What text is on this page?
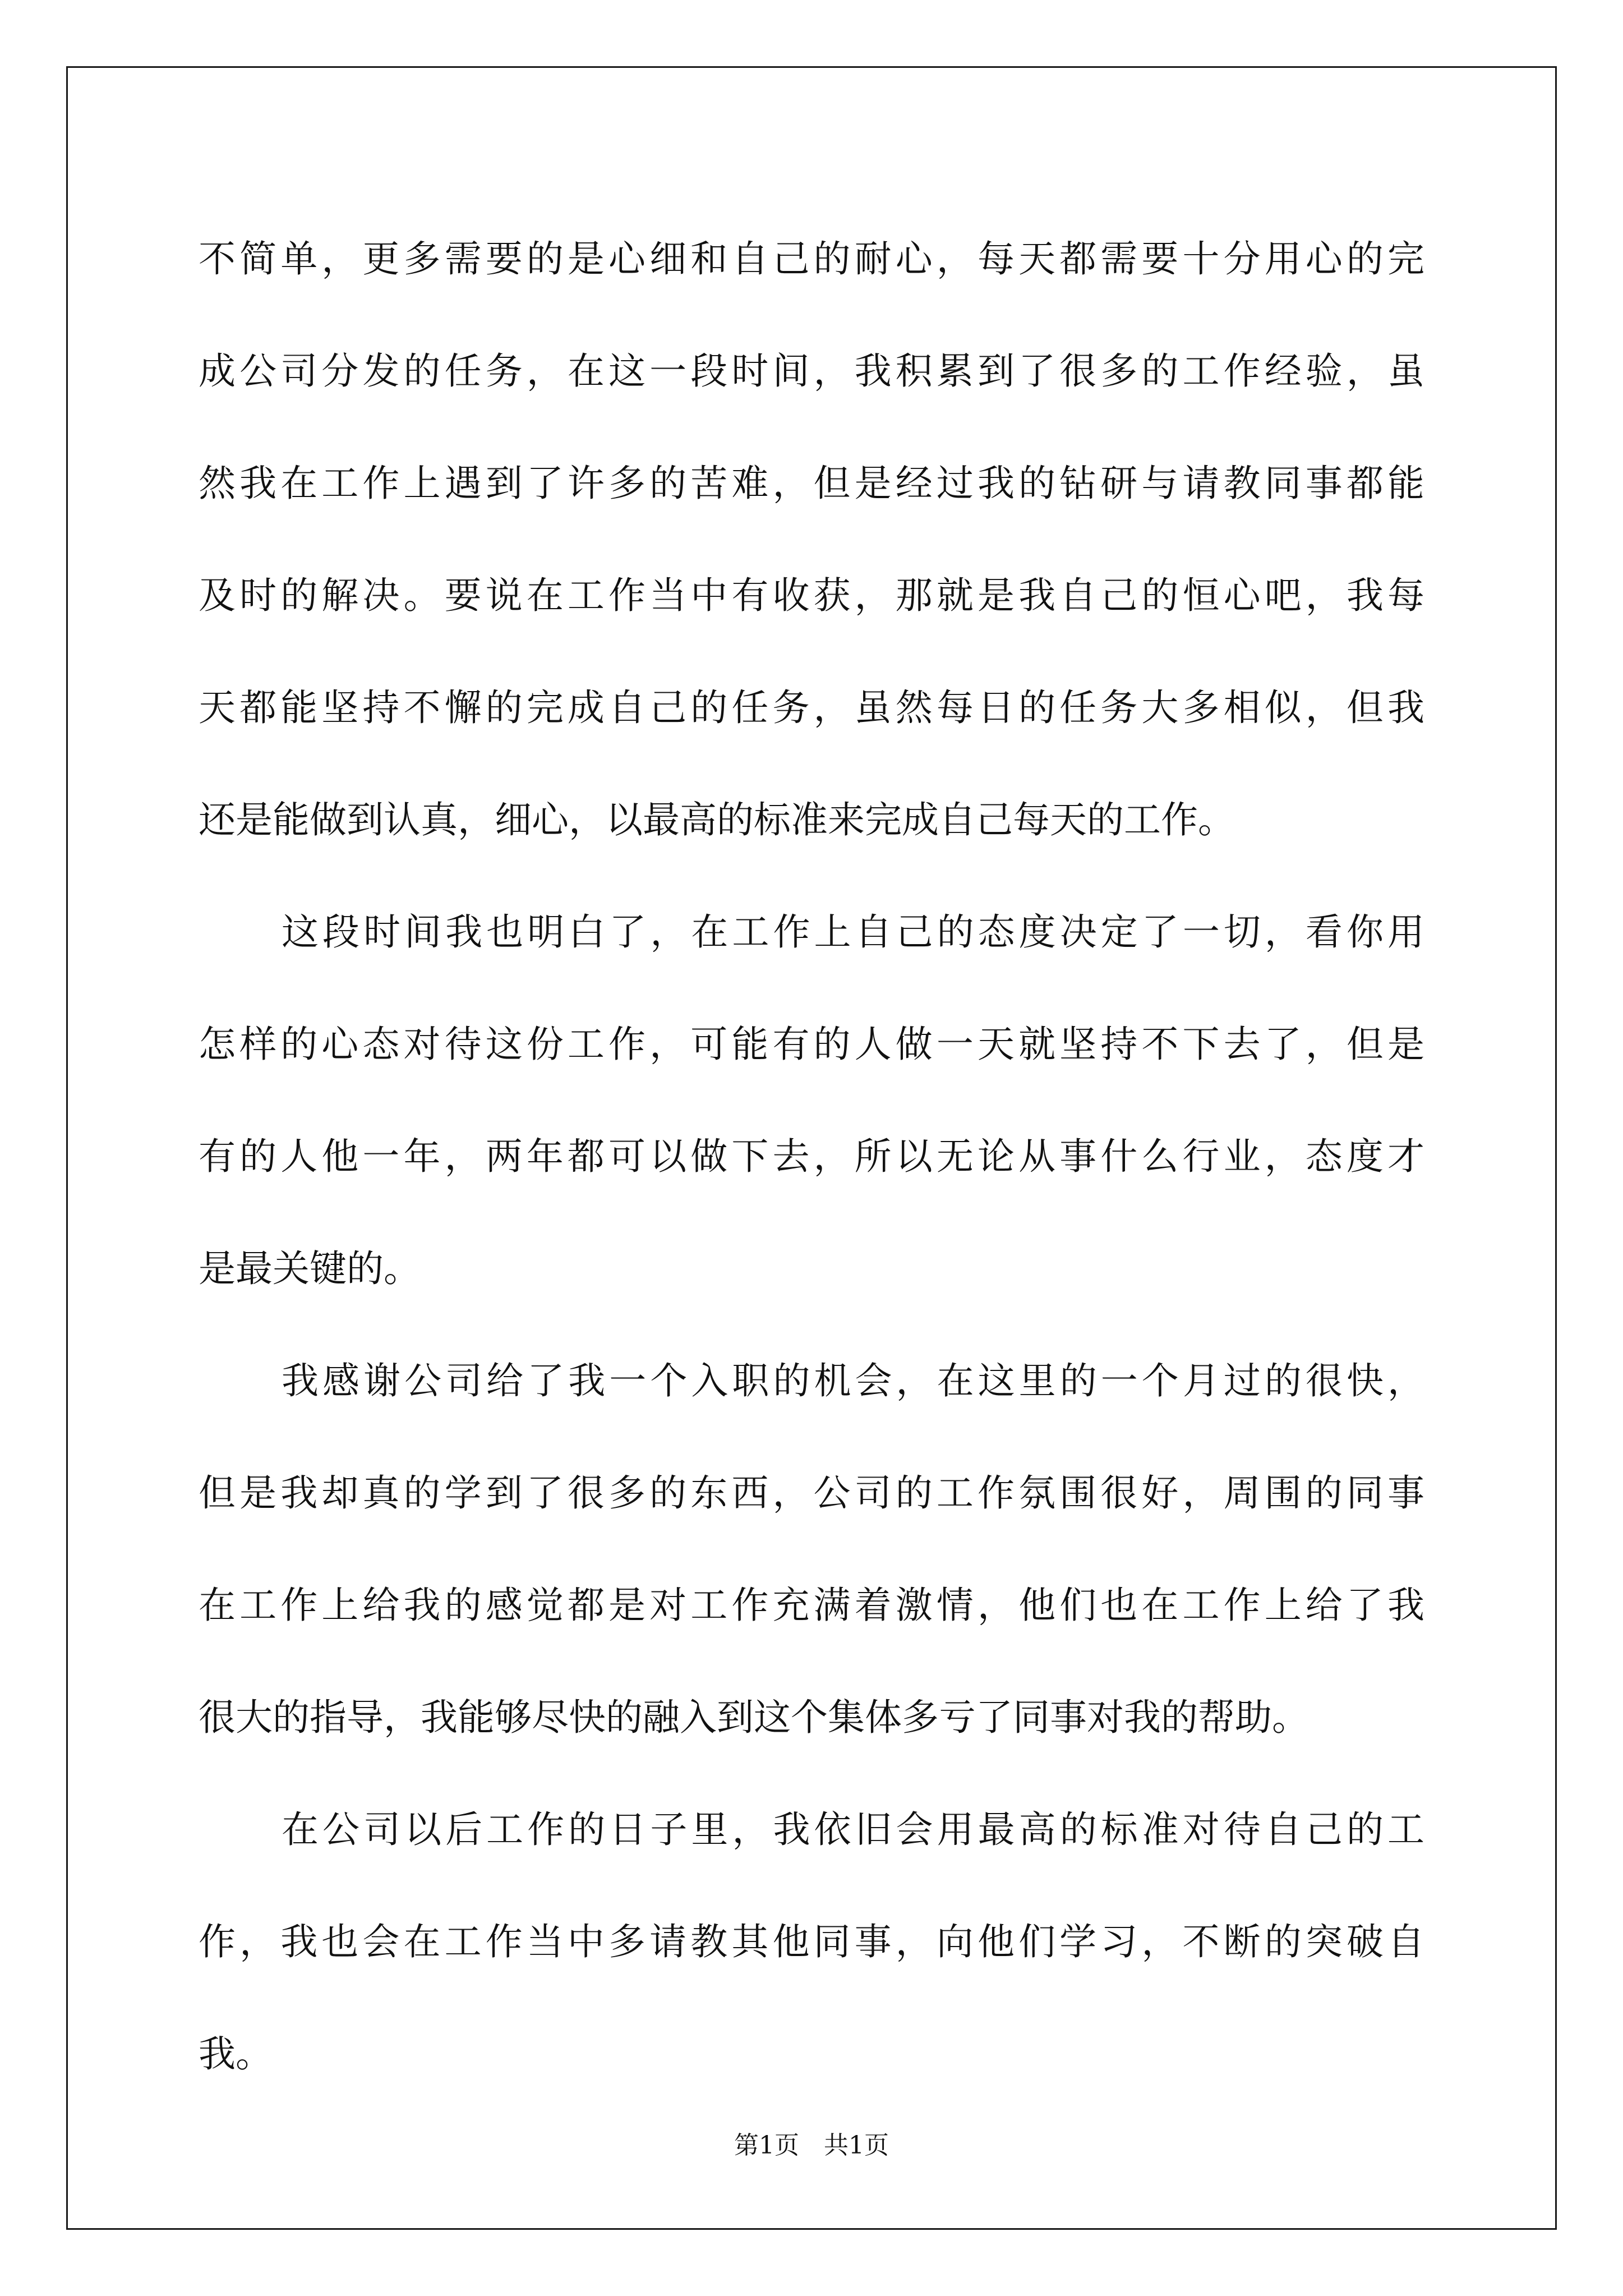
不简单，更多需要的是心细和自己的耐心，每天都需要十分用心的完
成公司分发的任务，在这一段时间，我积累到了很多的工作经验，虽
然我在工作上遇到了许多的苦难，但是经过我的钻研与请教同事都能
及时的解决。要说在工作当中有收获，那就是我自己的恒心吧，我每
天都能坚持不懈的完成自己的任务，虽然每日的任务大多相似，但我
还是能做到认真，细心，以最高的标准来完成自己每天的工作。
这段时间我也明白了，在工作上自己的态度决定了一切，看你用
怎样的心态对待这份工作，可能有的人做一天就坚持不下去了，但是
有的人他一年，两年都可以做下去，所以无论从事什么行业，态度才
是最关键的。
我感谢公司给了我一个入职的机会，在这里的一个月过的很快，
但是我却真的学到了很多的东西，公司的工作氛围很好，周围的同事
在工作上给我的感觉都是对工作充满着激情，他们也在工作上给了我
很大的指导，我能够尽快的融入到这个集体多亏了同事对我的帮助。
在公司以后工作的日子里，我依旧会用最高的标准对待自己的工
作，我也会在工作当中多请教其他同事，向他们学习，不断的突破自
我。
第1页　共1页
